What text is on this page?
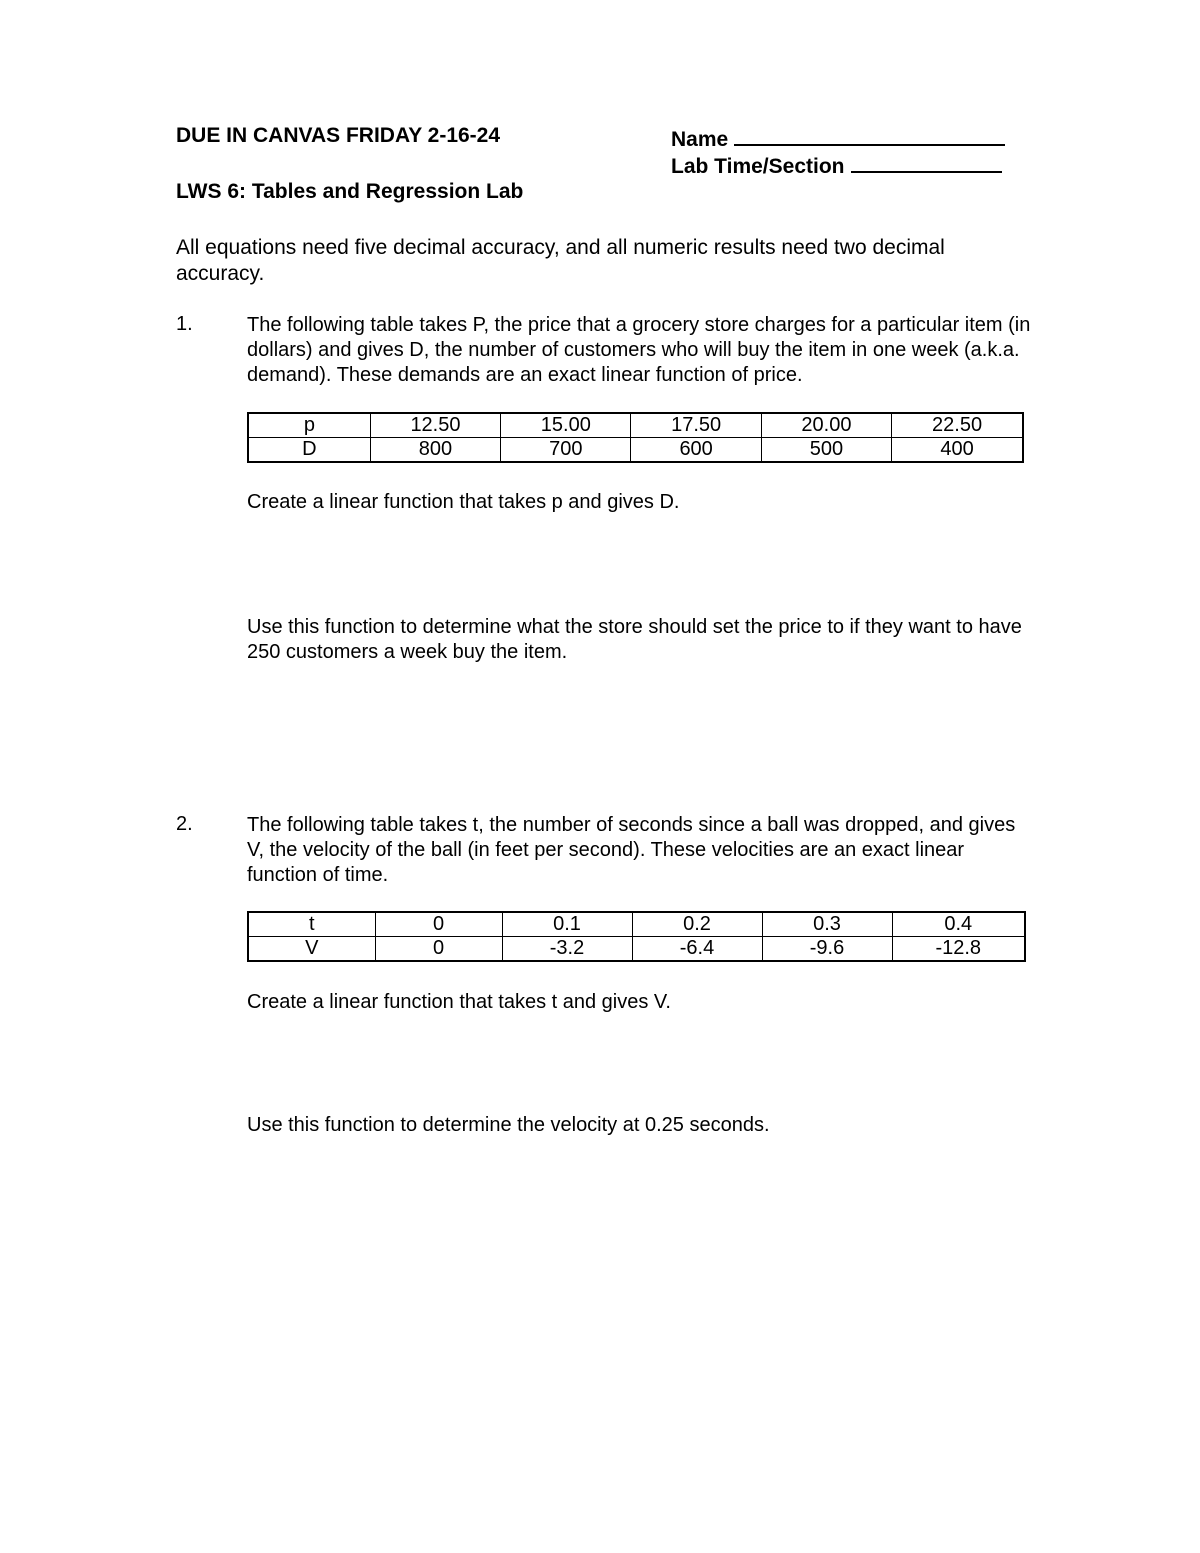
DUE IN CANVAS FRIDAY 2-16-24	Name
Lab Time/Section
LWS 6: Tables and Regression Lab
All equations need five decimal accuracy, and all numeric results need two decimal accuracy.
1.	The following table takes P, the price that a grocery store charges for a particular item (in dollars) and gives D, the number of customers who will buy the item in one week (a.k.a. demand). These demands are an exact linear function of price.
p	12.50	15.00	17.50	20.00	22.50
D	800	700	600	500	400
Create a linear function that takes p and gives D.
Use this function to determine what the store should set the price to if they want to have 250 customers a week buy the item.
2.	The following table takes t, the number of seconds since a ball was dropped, and gives V, the velocity of the ball (in feet per second). These velocities are an exact linear function of time.
t	0	0.1	0.2	0.3	0.4
V	0	-3.2	-6.4	-9.6	-12.8
Create a linear function that takes t and gives V.
Use this function to determine the velocity at 0.25 seconds.
